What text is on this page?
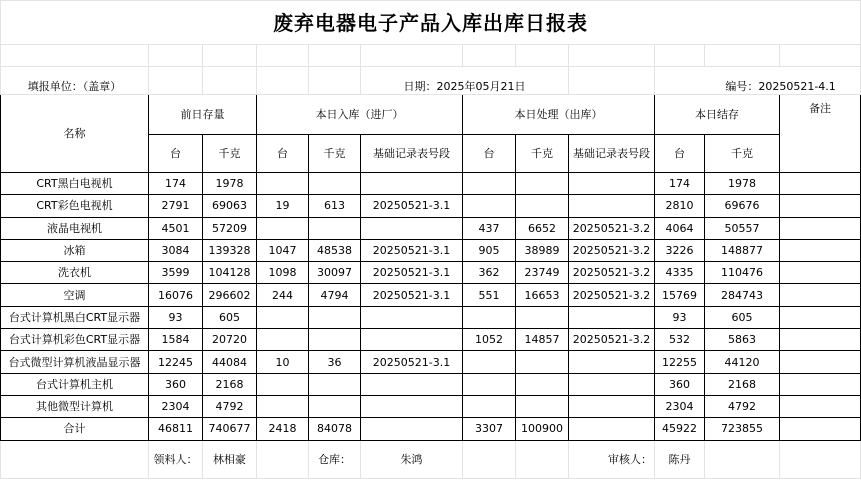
废弃电器电子产品入库出库日报表											

填报单位：（盖章）					日期：2025年05月21日				编号：20250521-4.1		
名称	前日存量		本日入库（进厂）			本日处理（出库）			本日结存		备注
	台	千克	台	千克	基础记录表号段	台	千克	基础记录表号段	台	千克	
CRT黑白电视机	174	1978							174	1978	
CRT彩色电视机	2791	69063	19	613	20250521-3.1				2810	69676	
液晶电视机	4501	57209				437	6652	20250521-3.2	4064	50557	
冰箱	3084	139328	1047	48538	20250521-3.1	905	38989	20250521-3.2	3226	148877	
洗衣机	3599	104128	1098	30097	20250521-3.1	362	23749	20250521-3.2	4335	110476	
空调	16076	296602	244	4794	20250521-3.1	551	16653	20250521-3.2	15769	284743	
台式计算机黑白CRT显示器	93	605							93	605	
台式计算机彩色CRT显示器	1584	20720				1052	14857	20250521-3.2	532	5863	
台式微型计算机液晶显示器	12245	44084	10	36	20250521-3.1				12255	44120	
台式计算机主机	360	2168							360	2168	
其他微型计算机	2304	4792							2304	4792	
合计	46811	740677	2418	84078		3307	100900		45922	723855	
	领料人：	林相豪		仓库：	朱鸿			审核人：	陈丹		
